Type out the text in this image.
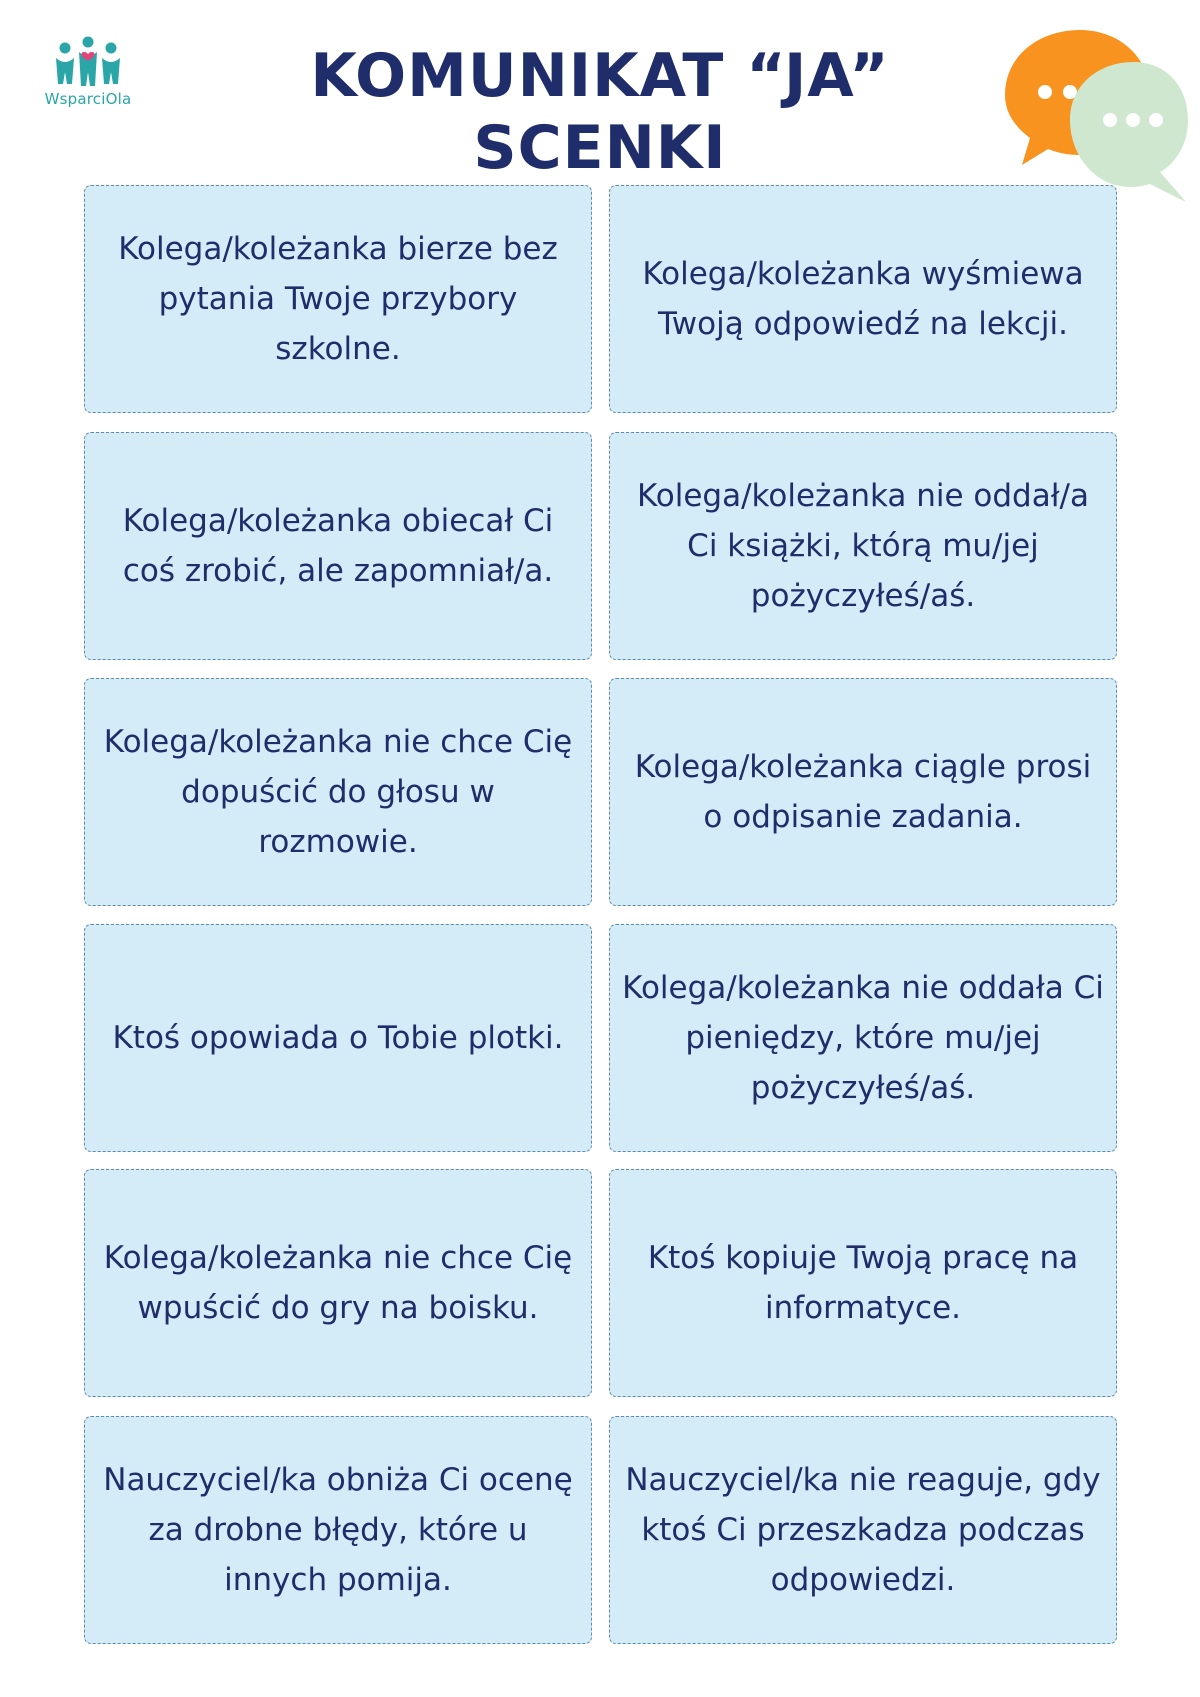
WsparciOla	KOMUNIKAT “JA”
SCENKI
Kolega/koleżanka bierze bez pytania Twoje przybory szkolne.
Kolega/koleżanka wyśmiewa Twoją odpowiedź na lekcji.
Kolega/koleżanka obiecał Ci coś zrobić, ale zapomniał/a.
Kolega/koleżanka nie oddał/a Ci książki, którą mu/jej pożyczyłeś/aś.
Kolega/koleżanka nie chce Cię dopuścić do głosu w rozmowie.
Kolega/koleżanka ciągle prosi o odpisanie zadania.
Ktoś opowiada o Tobie plotki.
Kolega/koleżanka nie oddała Ci pieniędzy, które mu/jej pożyczyłeś/aś.
Kolega/koleżanka nie chce Cię wpuścić do gry na boisku.
Ktoś kopiuje Twoją pracę na informatyce.
Nauczyciel/ka obniża Ci ocenę za drobne błędy, które u innych pomija.
Nauczyciel/ka nie reaguje, gdy ktoś Ci przeszkadza podczas odpowiedzi.
